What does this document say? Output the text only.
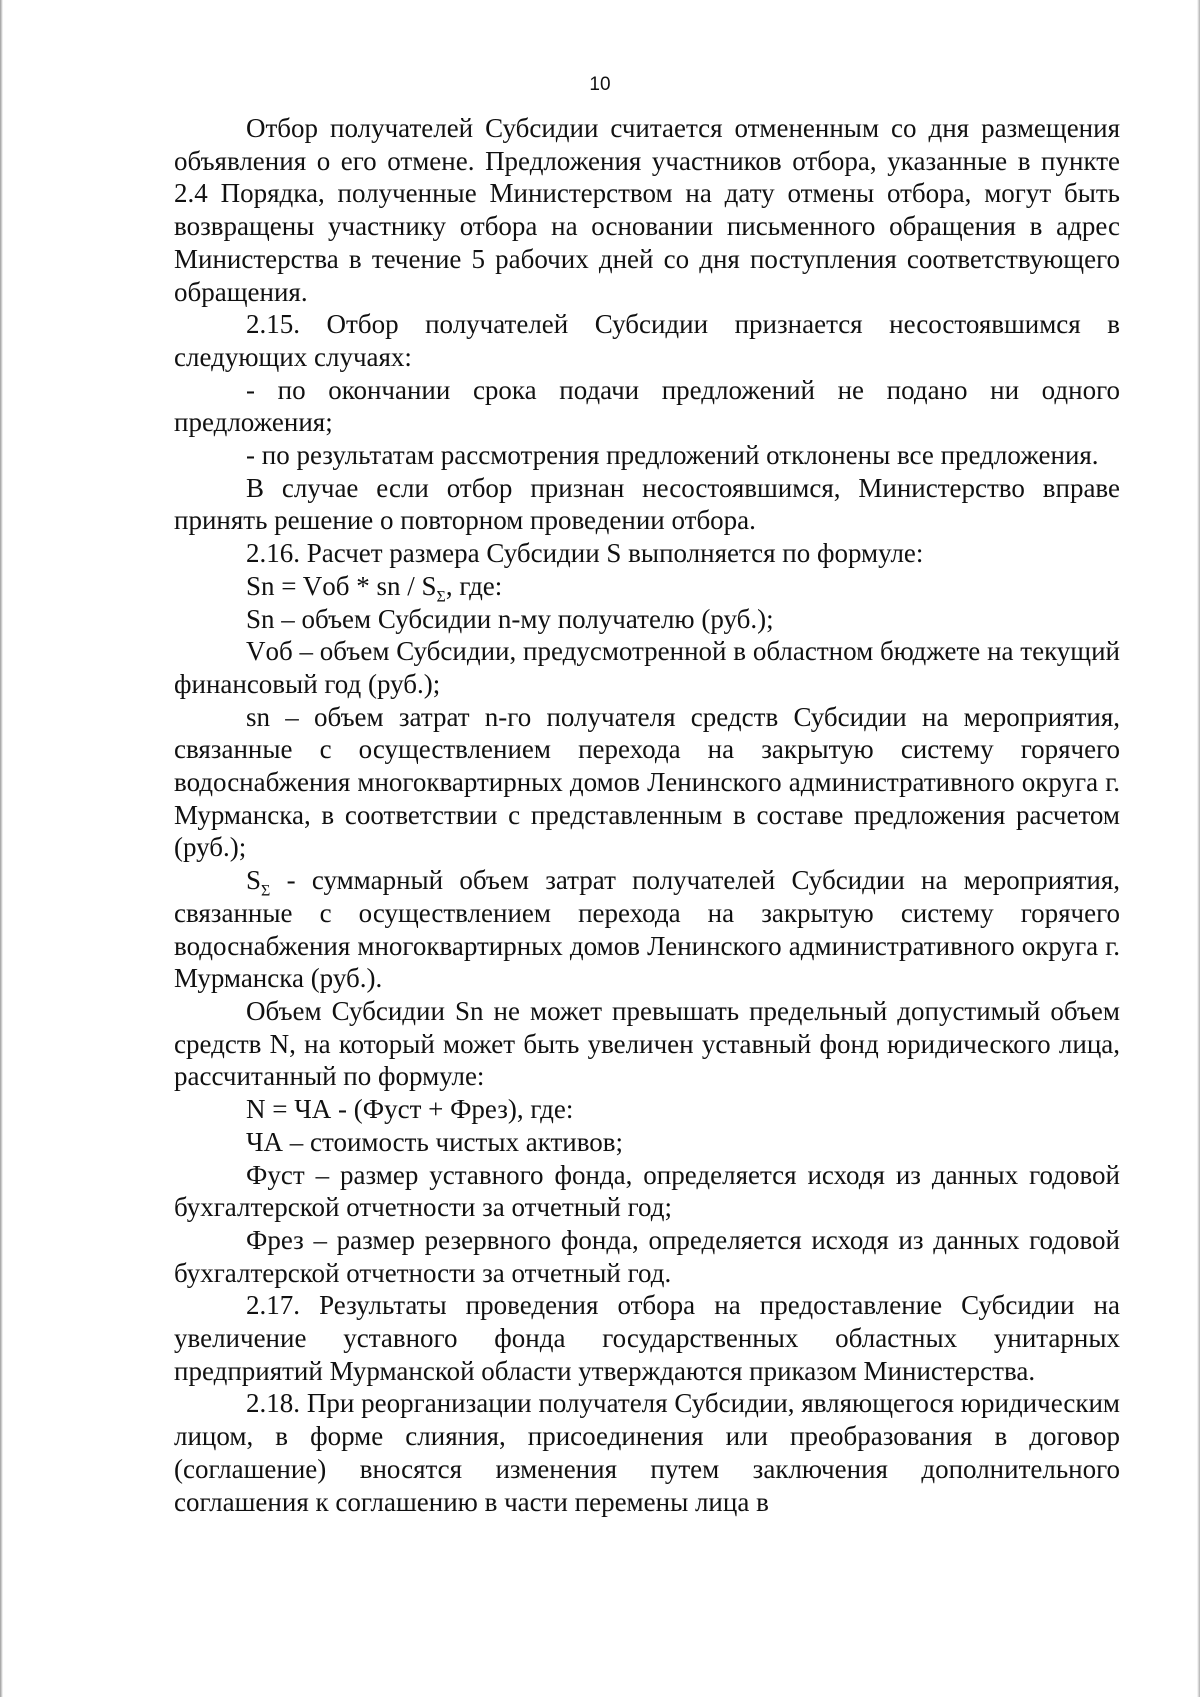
10

Отбор получателей Субсидии считается отмененным со дня размещения объявления о его отмене. Предложения участников отбора, указанные в пункте 2.4 Порядка, полученные Министерством на дату отмены отбора, могут быть возвращены участнику отбора на основании письменного обращения в адрес Министерства в течение 5 рабочих дней со дня поступления соответствующего обращения.

2.15. Отбор получателей Субсидии признается несостоявшимся в следующих случаях:

- по окончании срока подачи предложений не подано ни одного предложения;

- по результатам рассмотрения предложений отклонены все предложения.

В случае если отбор признан несостоявшимся, Министерство вправе принять решение о повторном проведении отбора.

2.16. Расчет размера Субсидии S выполняется по формуле:

Sn = Vоб * sn / $S_\Sigma$, где:

Sn – объем Субсидии n-му получателю (руб.);

Vоб – объем Субсидии, предусмотренной в областном бюджете на текущий финансовый год (руб.);

sn – объем затрат n-го получателя средств Субсидии на мероприятия, связанные с осуществлением перехода на закрытую систему горячего водоснабжения многоквартирных домов Ленинского административного округа г. Мурманска, в соответствии с представленным в составе предложения расчетом (руб.);

$S_\Sigma$ - суммарный объем затрат получателей Субсидии на мероприятия, связанные с осуществлением перехода на закрытую систему горячего водоснабжения многоквартирных домов Ленинского административного округа г. Мурманска (руб.).

Объем Субсидии Sn не может превышать предельный допустимый объем средств N, на который может быть увеличен уставный фонд юридического лица, рассчитанный по формуле:

N = ЧА - (Фуст + Фрез), где:

ЧА – стоимость чистых активов;

Фуст – размер уставного фонда, определяется исходя из данных годовой бухгалтерской отчетности за отчетный год;

Фрез – размер резервного фонда, определяется исходя из данных годовой бухгалтерской отчетности за отчетный год.

2.17. Результаты проведения отбора на предоставление Субсидии на увеличение уставного фонда государственных областных унитарных предприятий Мурманской области утверждаются приказом Министерства.

2.18. При реорганизации получателя Субсидии, являющегося юридическим лицом, в форме слияния, присоединения или преобразования в договор (соглашение) вносятся изменения путем заключения дополнительного соглашения к соглашению в части перемены лица в
